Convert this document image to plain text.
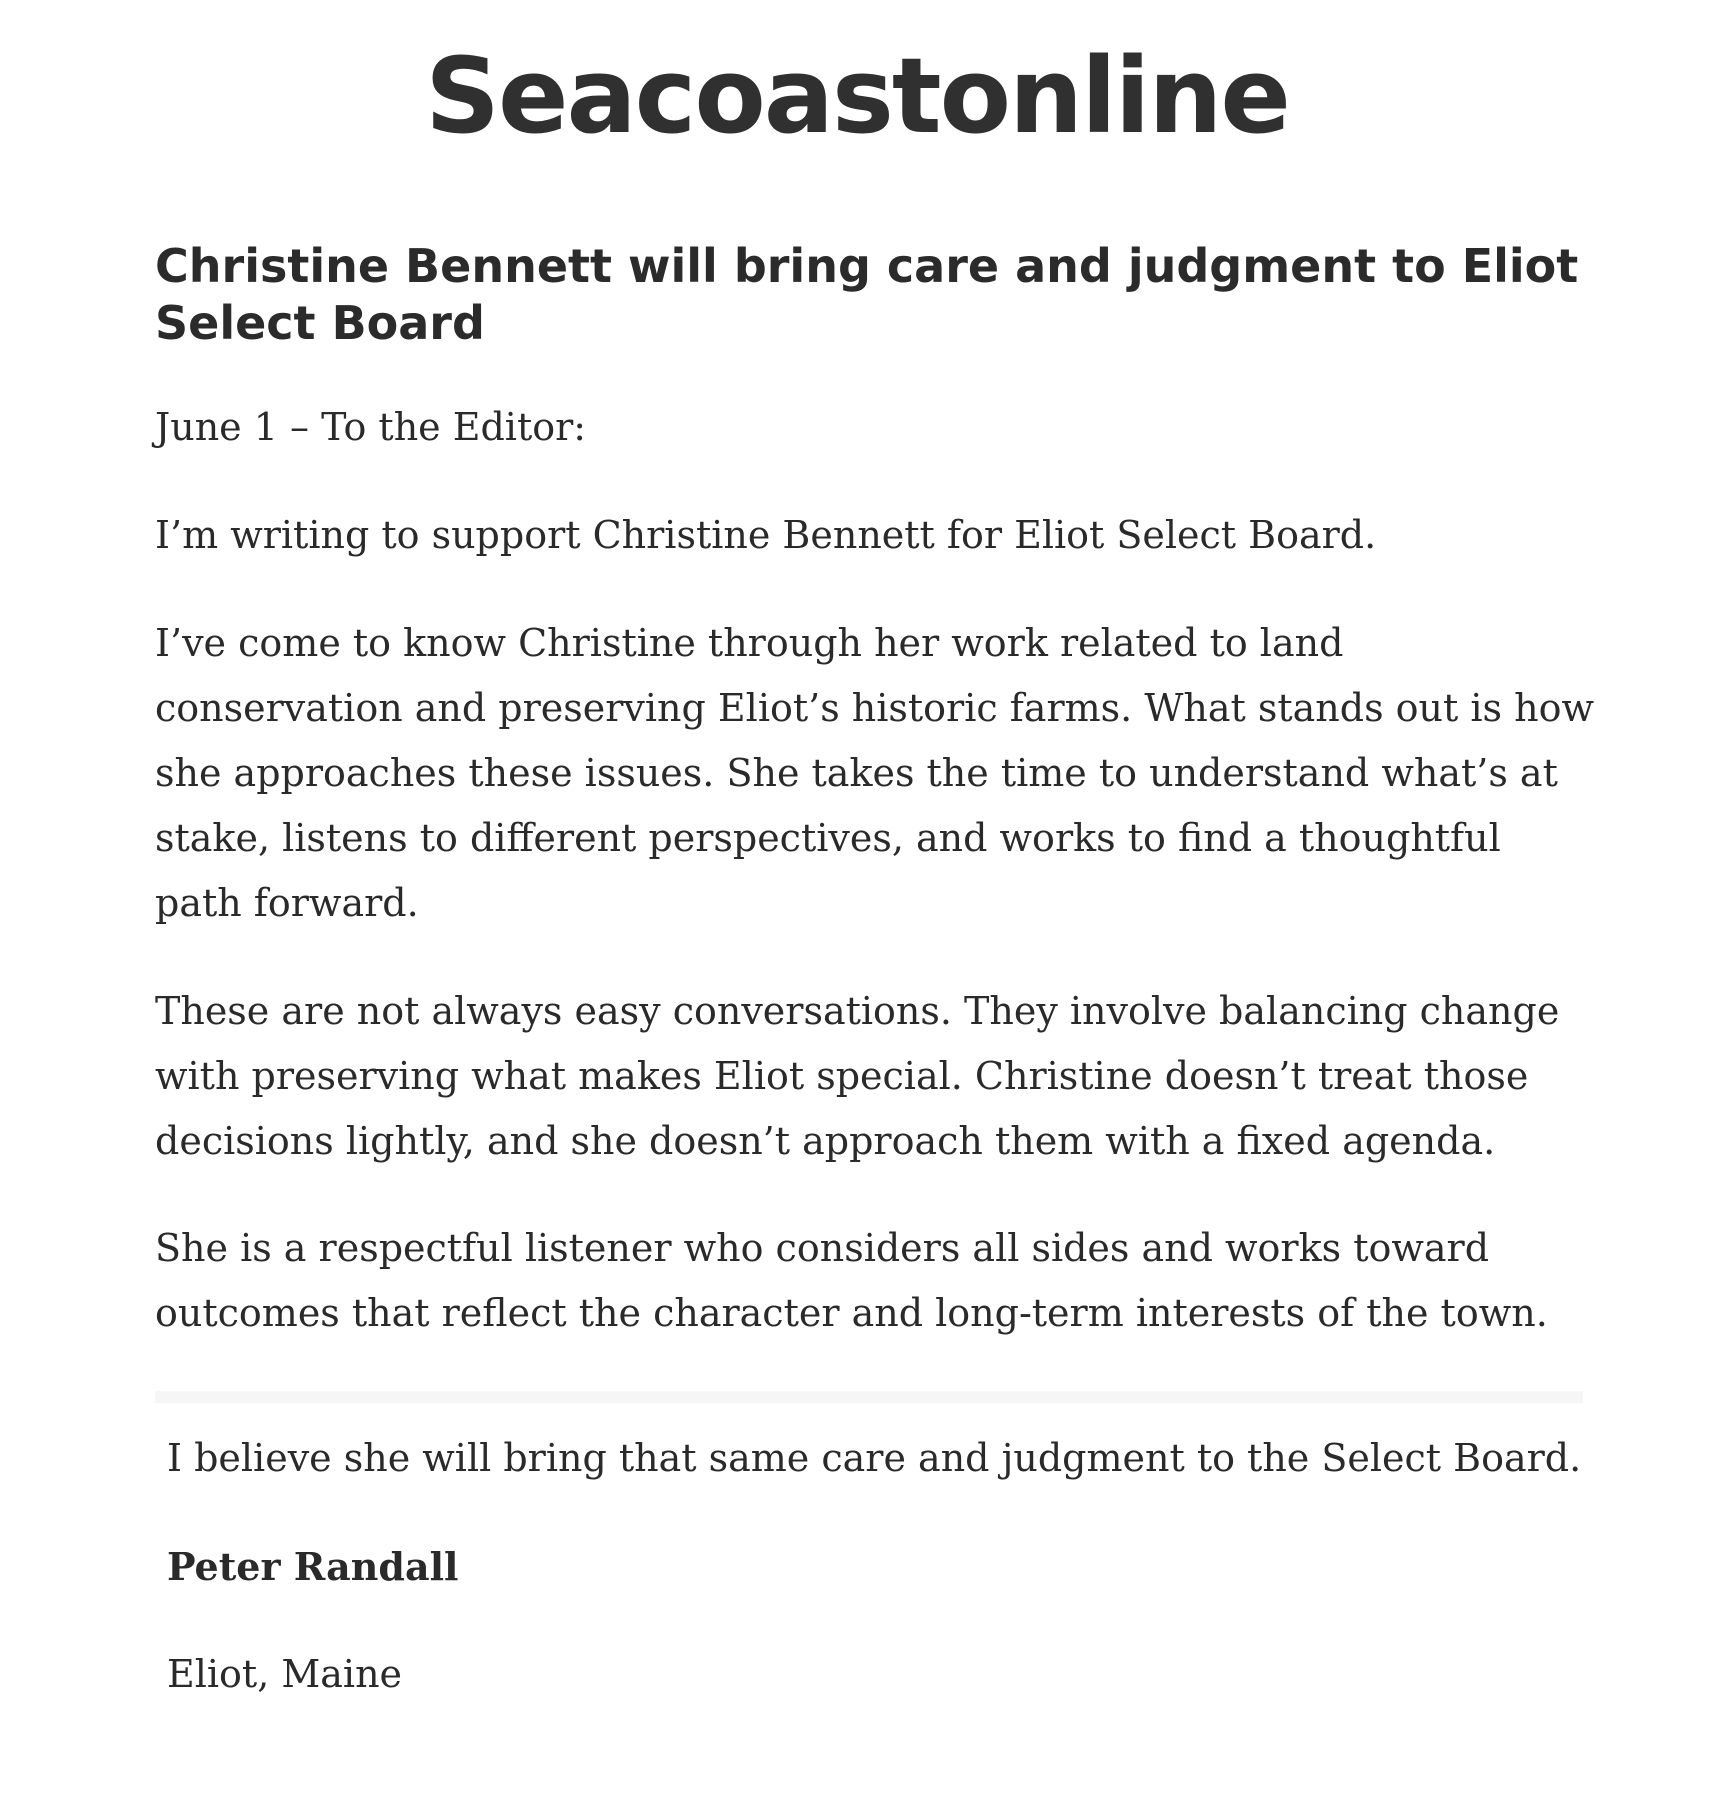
Seacoastonline
Christine Bennett will bring care and judgment to Eliot Select Board

June 1 – To the Editor:

I’m writing to support Christine Bennett for Eliot Select Board.

I’ve come to know Christine through her work related to land conservation and preserving Eliot’s historic farms. What stands out is how she approaches these issues. She takes the time to understand what’s at stake, listens to different perspectives, and works to find a thoughtful path forward.

These are not always easy conversations. They involve balancing change with preserving what makes Eliot special. Christine doesn’t treat those decisions lightly, and she doesn’t approach them with a fixed agenda.

She is a respectful listener who considers all sides and works toward outcomes that reflect the character and long-term interests of the town.

I believe she will bring that same care and judgment to the Select Board.

Peter Randall

Eliot, Maine
